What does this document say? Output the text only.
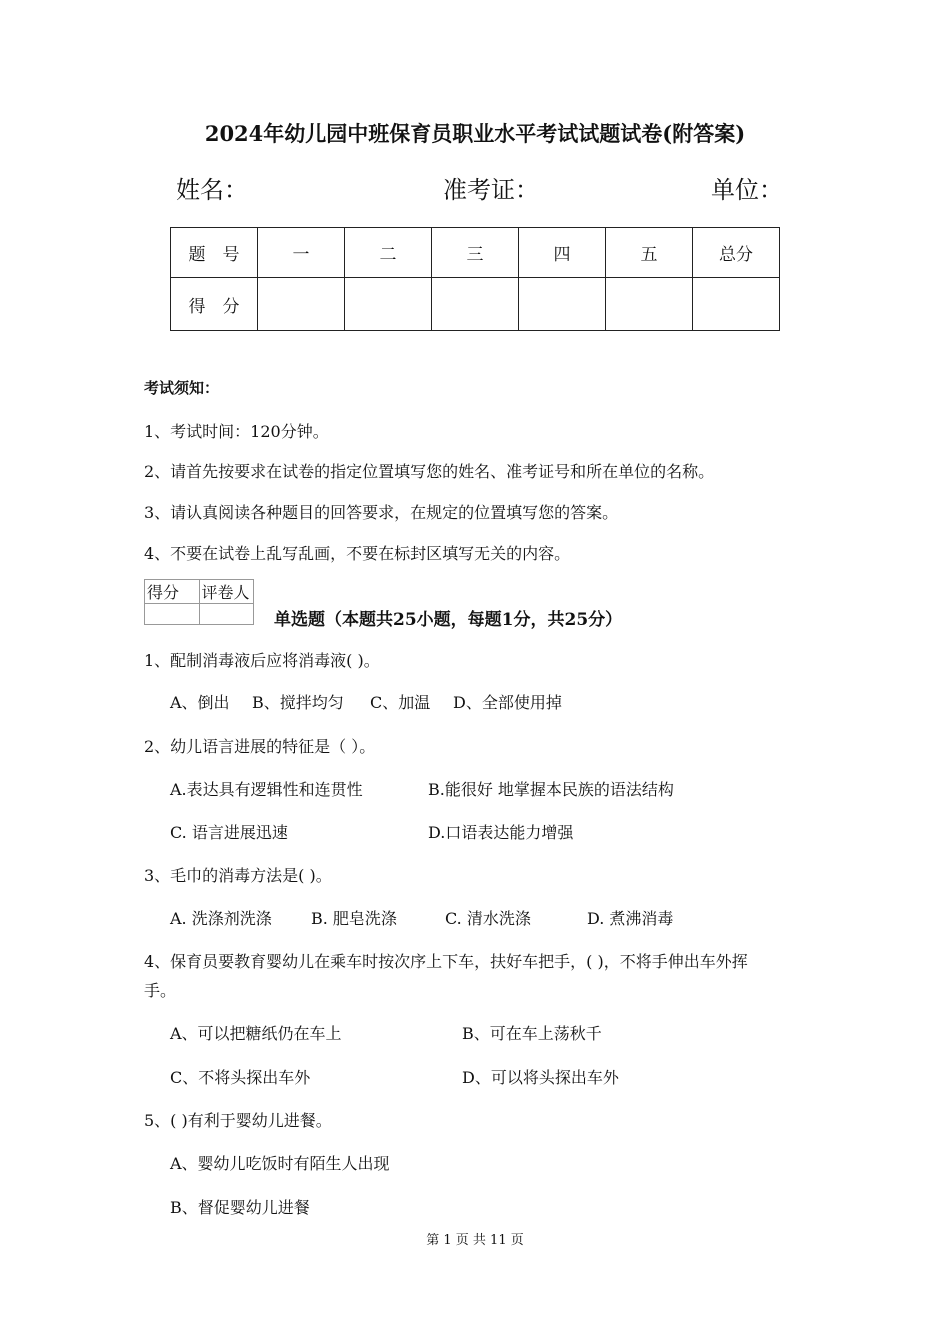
2024年幼儿园中班保育员职业水平考试试题试卷(附答案)
姓名：	准考证：	单位：
题　号	一	二	三	四	五	总分
得　分						
考试须知：
1、考试时间：120分钟。
2、请首先按要求在试卷的指定位置填写您的姓名、准考证号和所在单位的名称。
3、请认真阅读各种题目的回答要求，在规定的位置填写您的答案。
4、不要在试卷上乱写乱画，不要在标封区填写无关的内容。
得分	评卷人

单选题（本题共25小题，每题1分，共25分）
1、配制消毒液后应将消毒液( )。
A、倒出 B、搅拌均匀 C、加温 D、全部使用掉
2、幼儿语言进展的特征是（ ）。
A.表达具有逻辑性和连贯性	B.能很好 地掌握本民族的语法结构
C. 语言进展迅速	D.口语表达能力增强
3、毛巾的消毒方法是( )。
A. 洗涤剂洗涤 B. 肥皂洗涤	C. 清水洗涤	D. 煮沸消毒
4、保育员要教育婴幼儿在乘车时按次序上下车，扶好车把手，( )，不将手伸出车外挥
手。
A、可以把糖纸仍在车上	B、可在车上荡秋千
C、不将头探出车外	D、可以将头探出车外
5、( )有利于婴幼儿进餐。
A、婴幼儿吃饭时有陌生人出现
B、督促婴幼儿进餐
第 1 页 共 11 页
